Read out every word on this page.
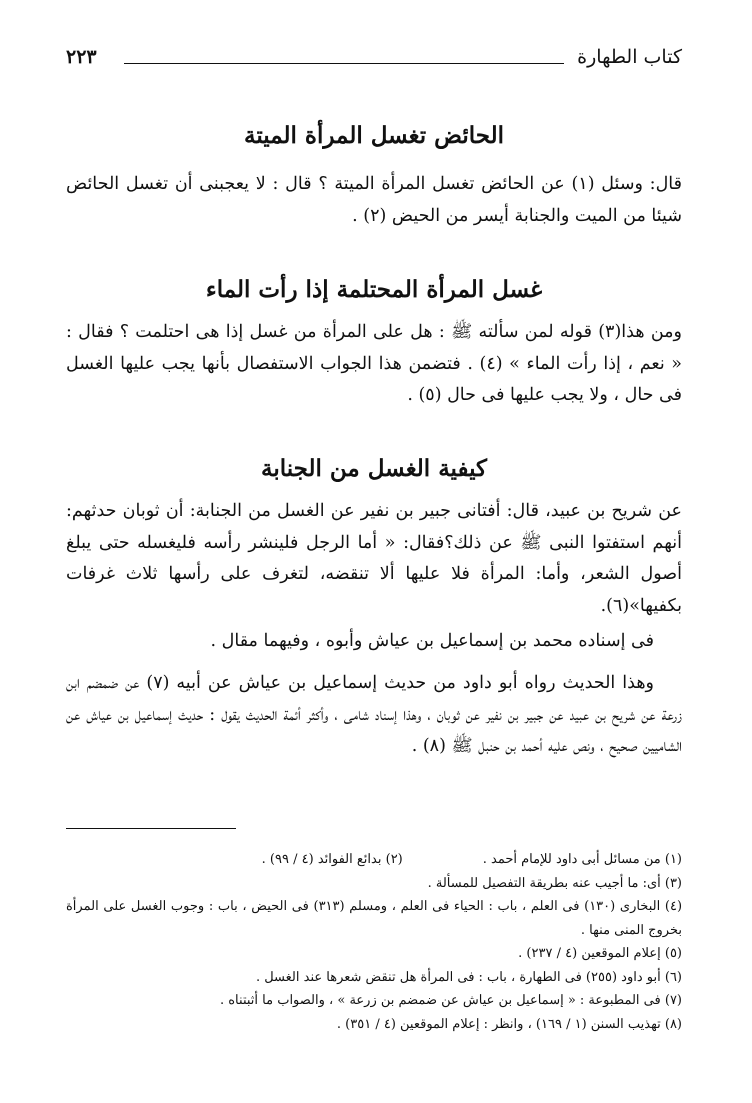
كتاب الطهارة
٢٢٣
الحائض تغسل المرأة الميتة

قال: وسئل (١) عن الحائض تغسل المرأة الميتة ؟ قال : لا يعجبنى أن تغسل الحائض شيئا من الميت والجنابة أيسر من الحيض (٢) .

غسل المرأة المحتلمة إذا رأت الماء

ومن هذا(٣) قوله لمن سألته ﷺ : هل على المرأة من غسل إذا هى احتلمت ؟ فقال : « نعم ، إذا رأت الماء » (٤) . فتضمن هذا الجواب الاستفصال بأنها يجب عليها الغسل فى حال ، ولا يجب عليها فى حال (٥) .

كيفية الغسل من الجنابة

عن شريح بن عبيد، قال: أفتانى جبير بن نفير عن الغسل من الجنابة: أن ثوبان حدثهم: أنهم استفتوا النبى ﷺ عن ذلك؟فقال: « أما الرجل فلينشر رأسه فليغسله حتى يبلغ أصول الشعر، وأما: المرأة فلا عليها ألا تنقضه، لتغرف على رأسها ثلاث غرفات بكفيها»(٦).

فى إسناده محمد بن إسماعيل بن عياش وأبوه ، وفيهما مقال .

وهذا الحديث رواه أبو داود من حديث إسماعيل بن عياش عن أبيه (٧) عن ضمضم ابن زرعة عن شريح بن عبيد عن جبير بن نفير عن ثوبان ، وهذا إسناد شامى ، وأكثر أئمة الحديث يقول : حديث إسماعيل بن عياش عن الشاميين صحيح ، ونص عليه أحمد بن حنبل ﷺ (٨) .

(١) من مسائل أبى داود للإمام أحمد .
(٢) بدائع الفوائد (٤ / ٩٩) .
(٣) أى: ما أجيب عنه بطريقة التفصيل للمسألة .
(٤) البخارى (١٣٠) فى العلم ، باب : الحياء فى العلم ، ومسلم (٣١٣) فى الحيض ، باب : وجوب الغسل على المرأة بخروج المنى منها .
(٥) إعلام الموقعين (٤ / ٢٣٧) .
(٦) أبو داود (٢٥٥) فى الطهارة ، باب : فى المرأة هل تنقض شعرها عند الغسل .
(٧) فى المطبوعة : « إسماعيل بن عياش عن ضمضم بن زرعة » ، والصواب ما أثبتناه .
(٨) تهذيب السنن (١ / ١٦٩) ، وانظر : إعلام الموقعين (٤ / ٣٥١) .
